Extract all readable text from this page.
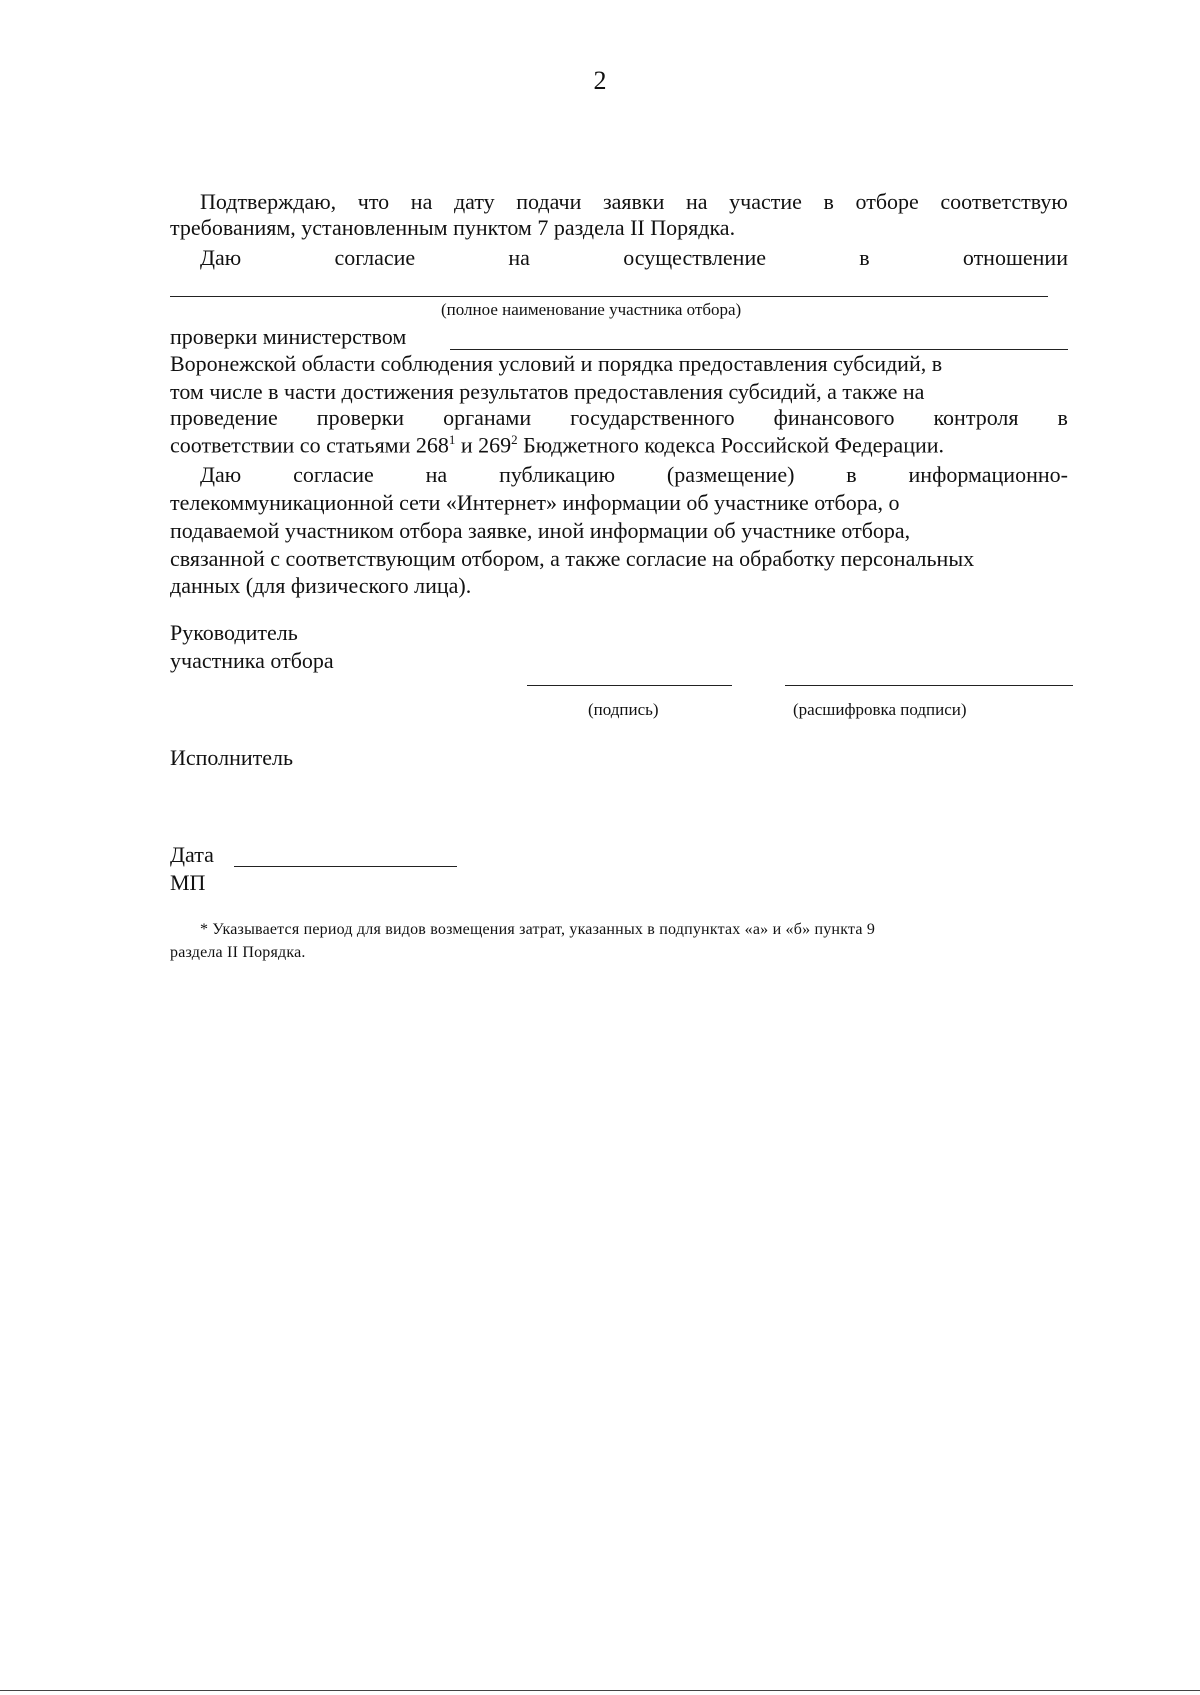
2
Подтверждаю, что на дату подачи заявки на участие в отборе соответствую
требованиям, установленным пунктом 7 раздела II Порядка.
Даю	согласие	на	осуществление	в	отношении
(полное наименование участника отбора)
проверки министерством
Воронежской области соблюдения условий и порядка предоставления субсидий, в
том числе в части достижения результатов предоставления субсидий, а также на
проведение проверки органами государственного финансового контроля в
соответствии со статьями $268^1$ и $269^2$ Бюджетного кодекса Российской Федерации.
Даю согласие на публикацию (размещение) в информационно-
телекоммуникационной сети «Интернет» информации об участнике отбора, о
подаваемой участником отбора заявке, иной информации об участнике отбора,
связанной с соответствующим отбором, а также согласие на обработку персональных
данных (для физического лица).
Руководитель
участника отбора
(подпись)	(расшифровка подписи)
Исполнитель
Дата
МП
* Указывается период для видов возмещения затрат, указанных в подпунктах «а» и «б» пункта 9
раздела II Порядка.
